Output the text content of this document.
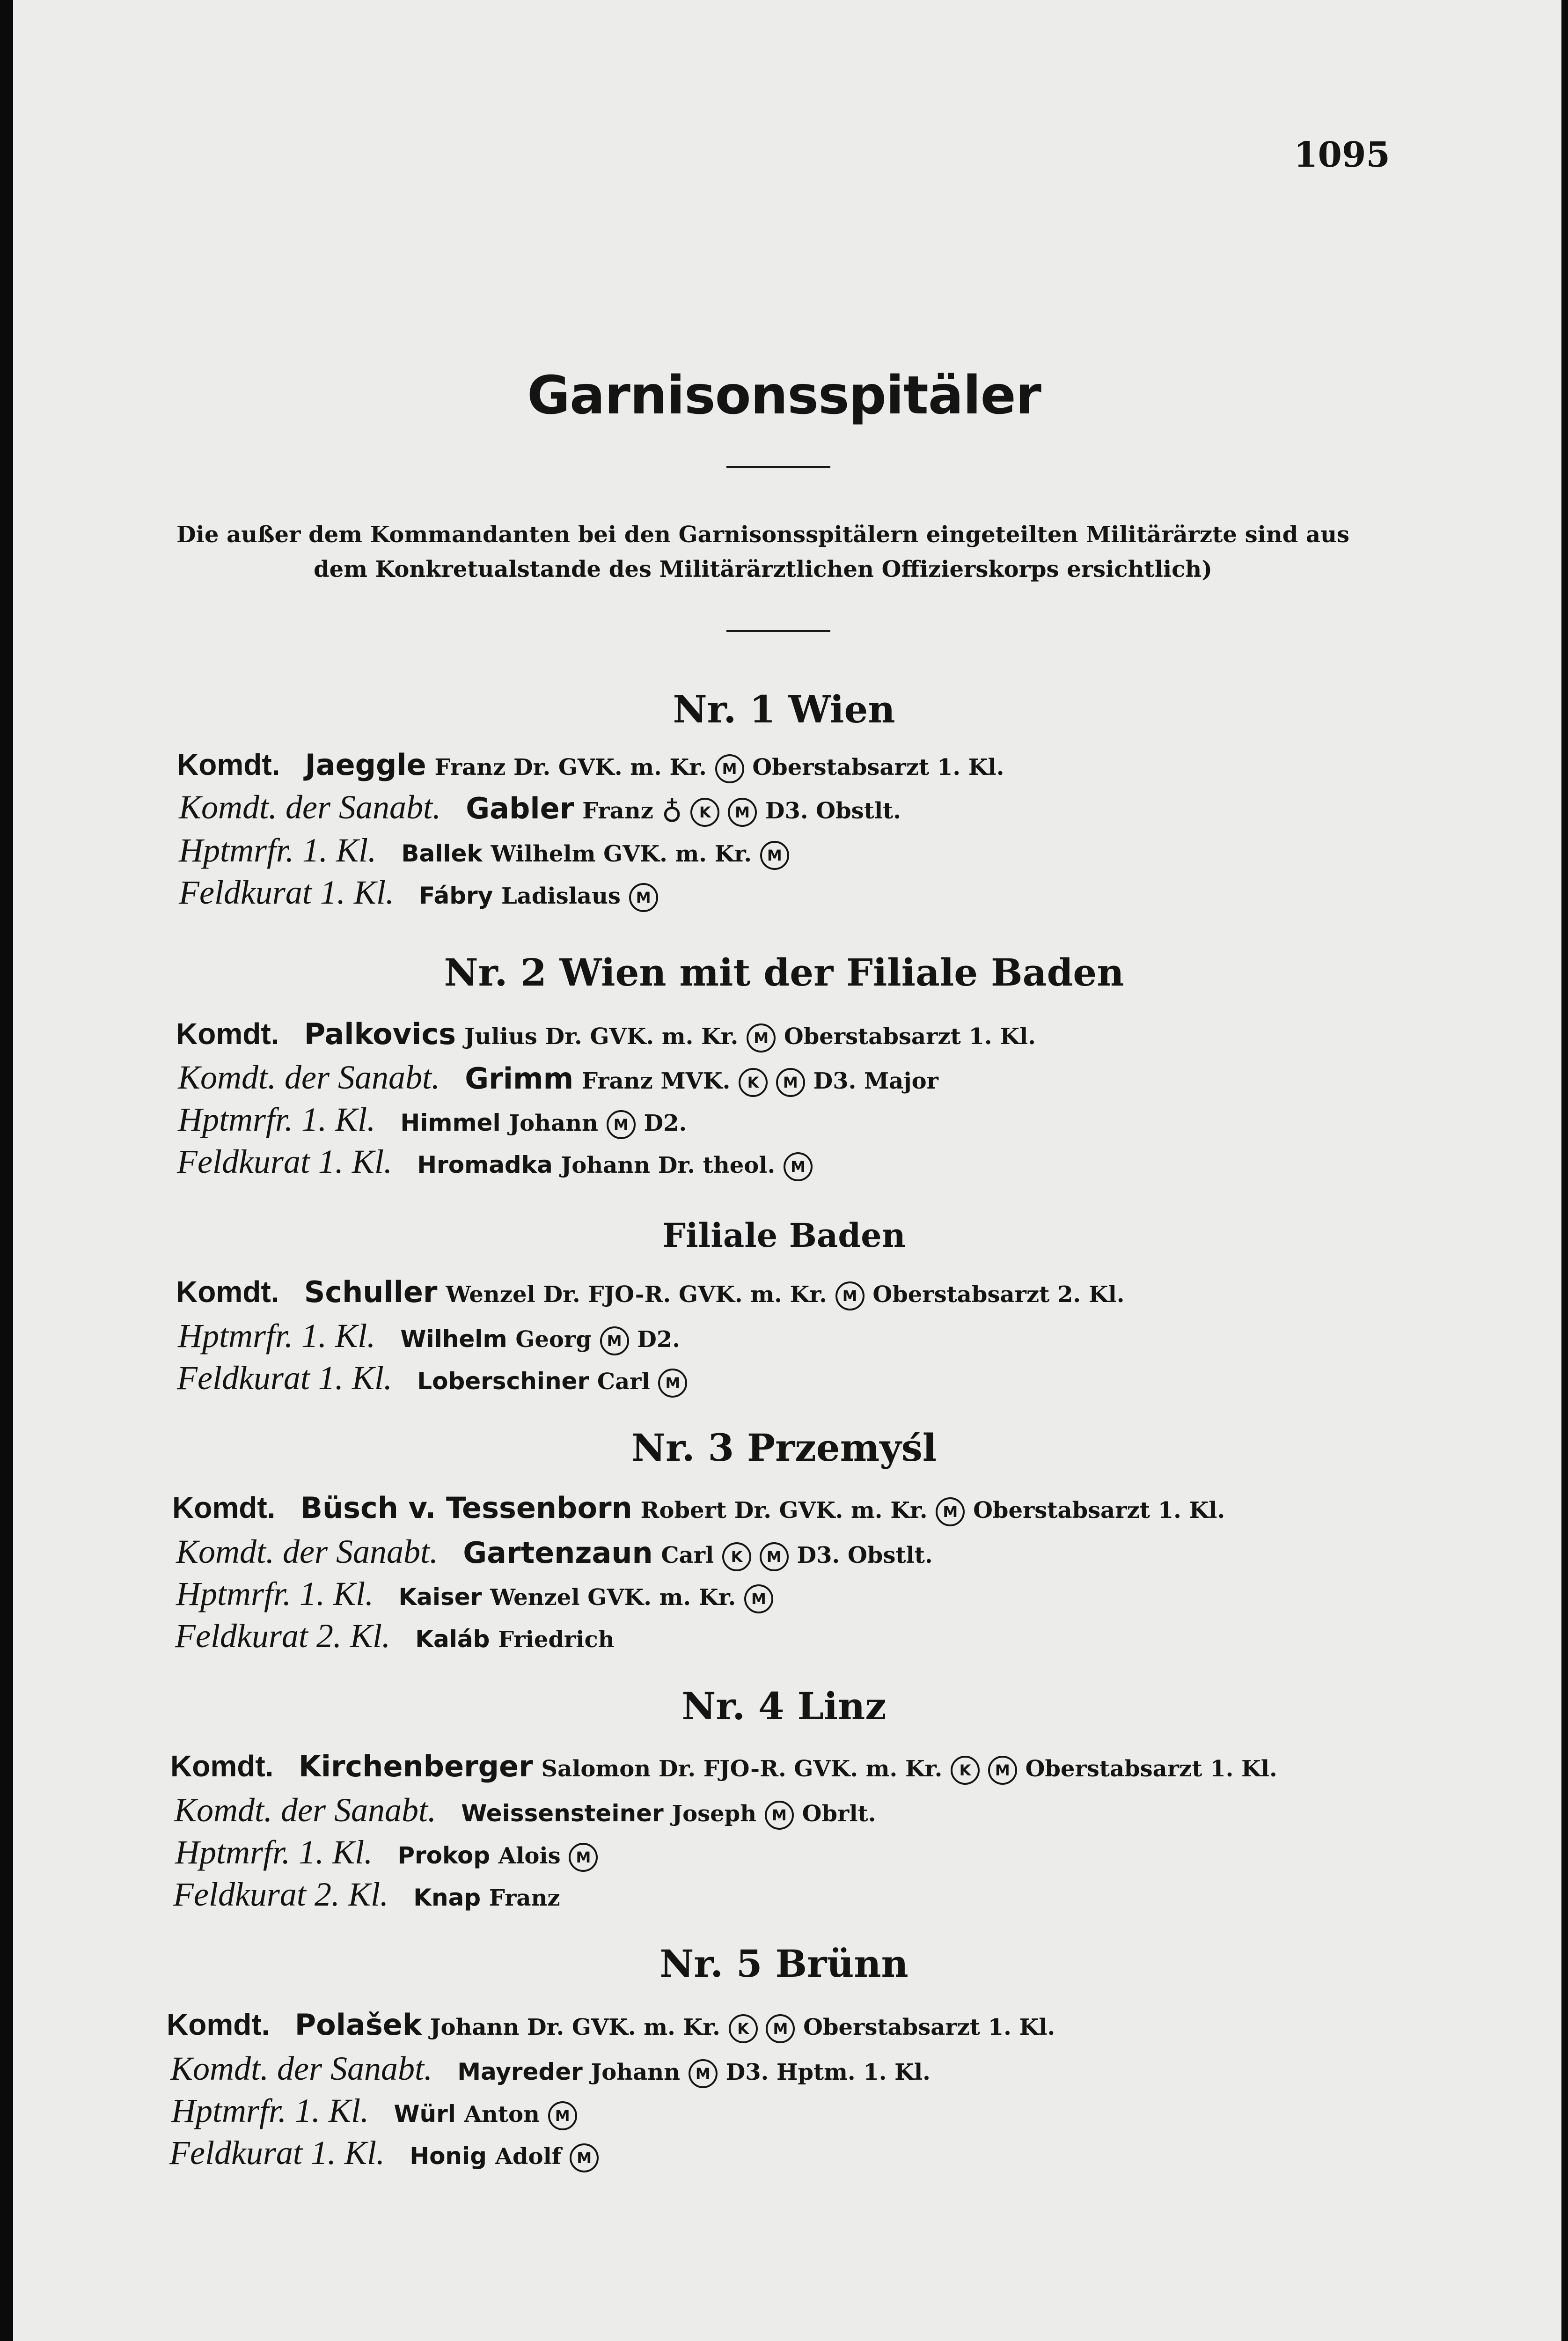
1095
Garnisonsspitäler
Die außer dem Kommandanten bei den Garnisonsspitälern eingeteilten Militärärzte sind aus
dem Konkretualstande des Militärärztlichen Offizierskorps ersichtlich)
Nr. 1 Wien
Komdt. Jaeggle Franz Dr. GVK. m. Kr. M Oberstabsarzt 1. Kl.
Komdt. der Sanabt. Gabler Franz ♁ K M D3. Obstlt.
Hptmrfr. 1. Kl. Ballek Wilhelm GVK. m. Kr. M
Feldkurat 1. Kl. Fábry Ladislaus M
Nr. 2 Wien mit der Filiale Baden
Komdt. Palkovics Julius Dr. GVK. m. Kr. M Oberstabsarzt 1. Kl.
Komdt. der Sanabt. Grimm Franz MVK. K M D3. Major
Hptmrfr. 1. Kl. Himmel Johann M D2.
Feldkurat 1. Kl. Hromadka Johann Dr. theol. M
Filiale Baden
Komdt. Schuller Wenzel Dr. FJO-R. GVK. m. Kr. M Oberstabsarzt 2. Kl.
Hptmrfr. 1. Kl. Wilhelm Georg M D2.
Feldkurat 1. Kl. Loberschiner Carl M
Nr. 3 Przemyśl
Komdt. Büsch v. Tessenborn Robert Dr. GVK. m. Kr. M Oberstabsarzt 1. Kl.
Komdt. der Sanabt. Gartenzaun Carl K M D3. Obstlt.
Hptmrfr. 1. Kl. Kaiser Wenzel GVK. m. Kr. M
Feldkurat 2. Kl. Kaláb Friedrich
Nr. 4 Linz
Komdt. Kirchenberger Salomon Dr. FJO-R. GVK. m. Kr. K M Oberstabsarzt 1. Kl.
Komdt. der Sanabt. Weissensteiner Joseph M Obrlt.
Hptmrfr. 1. Kl. Prokop Alois M
Feldkurat 2. Kl. Knap Franz
Nr. 5 Brünn
Komdt. Polašek Johann Dr. GVK. m. Kr. K M Oberstabsarzt 1. Kl.
Komdt. der Sanabt. Mayreder Johann M D3. Hptm. 1. Kl.
Hptmrfr. 1. Kl. Würl Anton M
Feldkurat 1. Kl. Honig Adolf M
